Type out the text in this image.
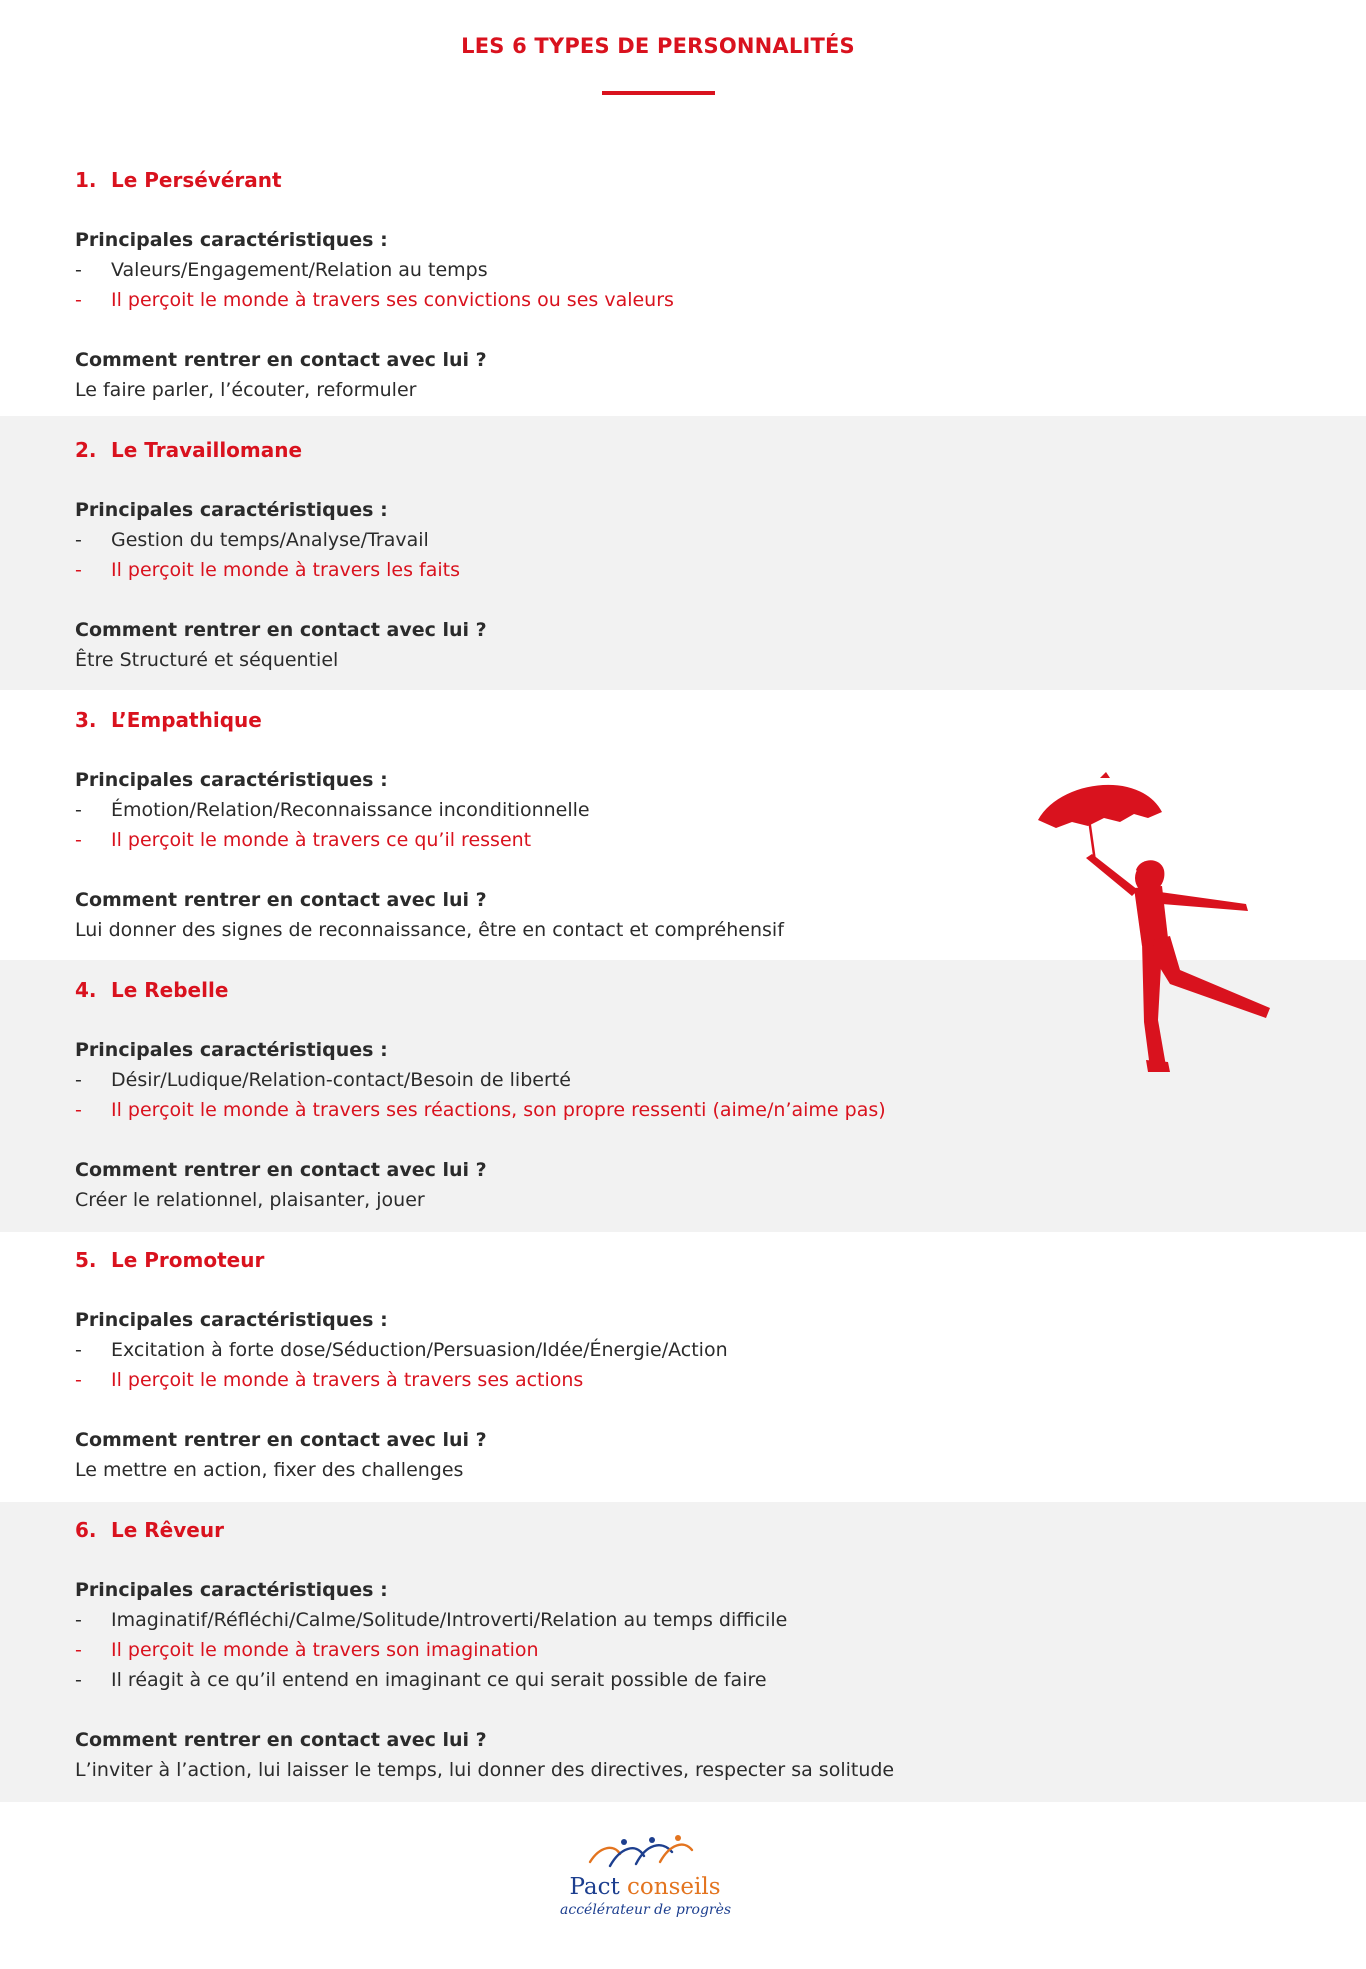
LES 6 TYPES DE PERSONNALITÉS
1. Le Persévérant
Principales caractéristiques :
- Valeurs/Engagement/Relation au temps
- Il perçoit le monde à travers ses convictions ou ses valeurs
Comment rentrer en contact avec lui ?
Le faire parler, l’écouter, reformuler
2. Le Travaillomane
Principales caractéristiques :
- Gestion du temps/Analyse/Travail
- Il perçoit le monde à travers les faits
Comment rentrer en contact avec lui ?
Être Structuré et séquentiel
3. L’Empathique
Principales caractéristiques :
- Émotion/Relation/Reconnaissance inconditionnelle
- Il perçoit le monde à travers ce qu’il ressent
Comment rentrer en contact avec lui ?
Lui donner des signes de reconnaissance, être en contact et compréhensif
4. Le Rebelle
Principales caractéristiques :
- Désir/Ludique/Relation-contact/Besoin de liberté
- Il perçoit le monde à travers ses réactions, son propre ressenti (aime/n’aime pas)
Comment rentrer en contact avec lui ?
Créer le relationnel, plaisanter, jouer
5. Le Promoteur
Principales caractéristiques :
- Excitation à forte dose/Séduction/Persuasion/Idée/Énergie/Action
- Il perçoit le monde à travers à travers ses actions
Comment rentrer en contact avec lui ?
Le mettre en action, fixer des challenges
6. Le Rêveur
Principales caractéristiques :
- Imaginatif/Réfléchi/Calme/Solitude/Introverti/Relation au temps difficile
- Il perçoit le monde à travers son imagination
- Il réagit à ce qu’il entend en imaginant ce qui serait possible de faire
Comment rentrer en contact avec lui ?
L’inviter à l’action, lui laisser le temps, lui donner des directives, respecter sa solitude
Pact conseils
accélérateur de progrès
